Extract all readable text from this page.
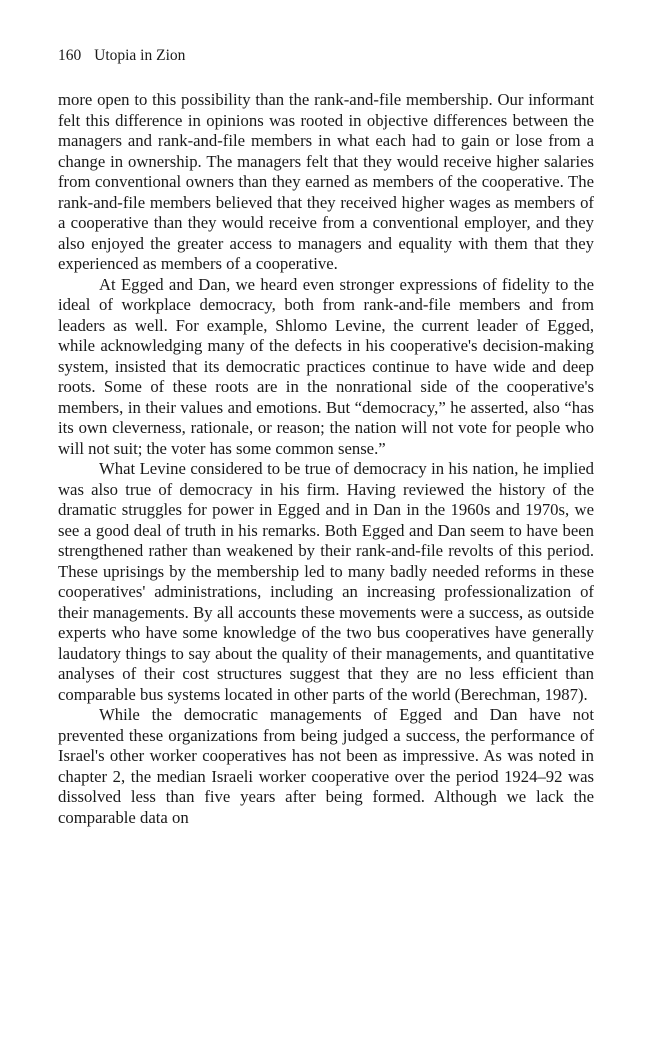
160 Utopia in Zion

more open to this possibility than the rank-and-file membership. Our informant felt this difference in opinions was rooted in objective differences between the managers and rank-and-file members in what each had to gain or lose from a change in ownership. The managers felt that they would receive higher salaries from conventional owners than they earned as members of the cooperative. The rank-and-file members believed that they received higher wages as members of a cooperative than they would receive from a conventional employer, and they also enjoyed the greater access to managers and equality with them that they experienced as members of a cooperative.

At Egged and Dan, we heard even stronger expressions of fidelity to the ideal of workplace democracy, both from rank-and-file members and from leaders as well. For example, Shlomo Levine, the current leader of Egged, while acknowledging many of the defects in his cooperative's decision-making system, insisted that its democratic practices continue to have wide and deep roots. Some of these roots are in the nonrational side of the cooperative's members, in their values and emotions. But “democracy,” he asserted, also “has its own cleverness, rationale, or reason; the nation will not vote for people who will not suit; the voter has some common sense.”

What Levine considered to be true of democracy in his nation, he implied was also true of democracy in his firm. Having reviewed the history of the dramatic struggles for power in Egged and in Dan in the 1960s and 1970s, we see a good deal of truth in his remarks. Both Egged and Dan seem to have been strengthened rather than weakened by their rank-and-file revolts of this period. These uprisings by the membership led to many badly needed reforms in these cooperatives' administrations, including an increasing professionalization of their managements. By all accounts these movements were a success, as outside experts who have some knowledge of the two bus cooperatives have generally laudatory things to say about the quality of their managements, and quantitative analyses of their cost structures suggest that they are no less efficient than comparable bus systems located in other parts of the world (Berechman, 1987).

While the democratic managements of Egged and Dan have not prevented these organizations from being judged a success, the performance of Israel's other worker cooperatives has not been as impressive. As was noted in chapter 2, the median Israeli worker cooperative over the period 1924–92 was dissolved less than five years after being formed. Although we lack the comparable data on
